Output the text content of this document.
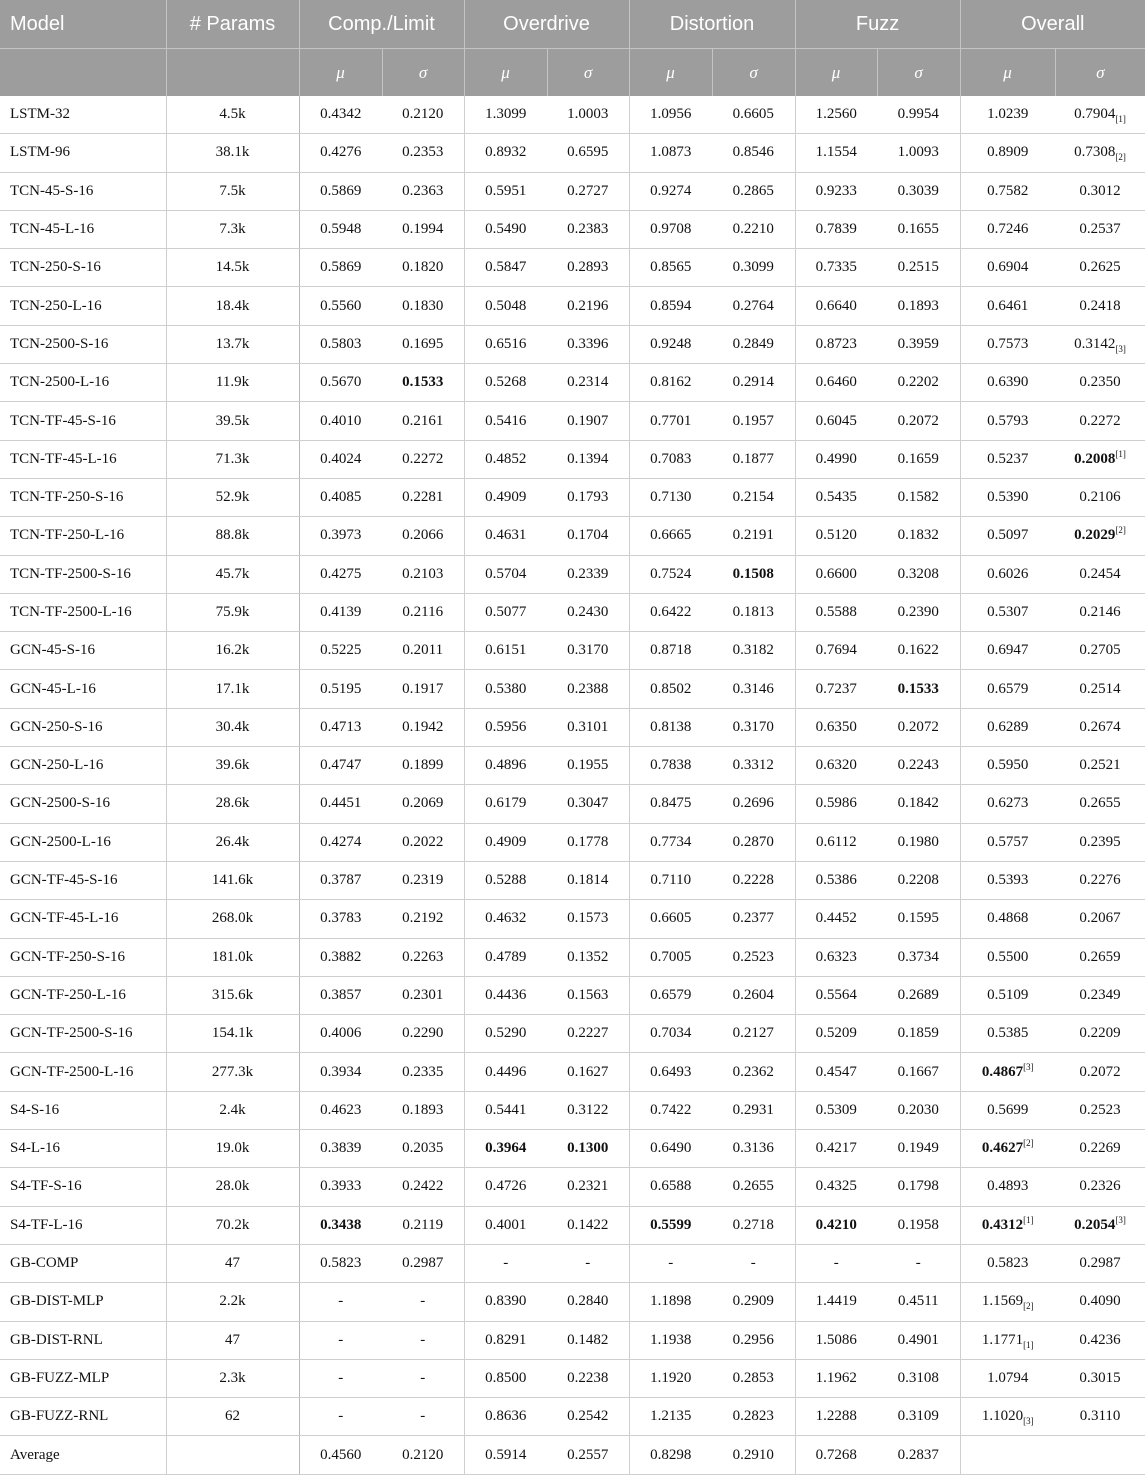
Model	# Params	Comp./Limit		Overdrive		Distortion		Fuzz		Overall	
		μ	σ	μ	σ	μ	σ	μ	σ	μ	σ
LSTM-32	4.5k	0.4342	0.2120	1.3099	1.0003	1.0956	0.6605	1.2560	0.9954	1.0239	$0.7904_{[1]}$
LSTM-96	38.1k	0.4276	0.2353	0.8932	0.6595	1.0873	0.8546	1.1554	1.0093	0.8909	$0.7308_{[2]}$
TCN-45-S-16	7.5k	0.5869	0.2363	0.5951	0.2727	0.9274	0.2865	0.9233	0.3039	0.7582	0.3012
TCN-45-L-16	7.3k	0.5948	0.1994	0.5490	0.2383	0.9708	0.2210	0.7839	0.1655	0.7246	0.2537
TCN-250-S-16	14.5k	0.5869	0.1820	0.5847	0.2893	0.8565	0.3099	0.7335	0.2515	0.6904	0.2625
TCN-250-L-16	18.4k	0.5560	0.1830	0.5048	0.2196	0.8594	0.2764	0.6640	0.1893	0.6461	0.2418
TCN-2500-S-16	13.7k	0.5803	0.1695	0.6516	0.3396	0.9248	0.2849	0.8723	0.3959	0.7573	$0.3142_{[3]}$
TCN-2500-L-16	11.9k	0.5670	0.1533	0.5268	0.2314	0.8162	0.2914	0.6460	0.2202	0.6390	0.2350
TCN-TF-45-S-16	39.5k	0.4010	0.2161	0.5416	0.1907	0.7701	0.1957	0.6045	0.2072	0.5793	0.2272
TCN-TF-45-L-16	71.3k	0.4024	0.2272	0.4852	0.1394	0.7083	0.1877	0.4990	0.1659	0.5237	0.2008[1]
TCN-TF-250-S-16	52.9k	0.4085	0.2281	0.4909	0.1793	0.7130	0.2154	0.5435	0.1582	0.5390	0.2106
TCN-TF-250-L-16	88.8k	0.3973	0.2066	0.4631	0.1704	0.6665	0.2191	0.5120	0.1832	0.5097	0.2029[2]
TCN-TF-2500-S-16	45.7k	0.4275	0.2103	0.5704	0.2339	0.7524	0.1508	0.6600	0.3208	0.6026	0.2454
TCN-TF-2500-L-16	75.9k	0.4139	0.2116	0.5077	0.2430	0.6422	0.1813	0.5588	0.2390	0.5307	0.2146
GCN-45-S-16	16.2k	0.5225	0.2011	0.6151	0.3170	0.8718	0.3182	0.7694	0.1622	0.6947	0.2705
GCN-45-L-16	17.1k	0.5195	0.1917	0.5380	0.2388	0.8502	0.3146	0.7237	0.1533	0.6579	0.2514
GCN-250-S-16	30.4k	0.4713	0.1942	0.5956	0.3101	0.8138	0.3170	0.6350	0.2072	0.6289	0.2674
GCN-250-L-16	39.6k	0.4747	0.1899	0.4896	0.1955	0.7838	0.3312	0.6320	0.2243	0.5950	0.2521
GCN-2500-S-16	28.6k	0.4451	0.2069	0.6179	0.3047	0.8475	0.2696	0.5986	0.1842	0.6273	0.2655
GCN-2500-L-16	26.4k	0.4274	0.2022	0.4909	0.1778	0.7734	0.2870	0.6112	0.1980	0.5757	0.2395
GCN-TF-45-S-16	141.6k	0.3787	0.2319	0.5288	0.1814	0.7110	0.2228	0.5386	0.2208	0.5393	0.2276
GCN-TF-45-L-16	268.0k	0.3783	0.2192	0.4632	0.1573	0.6605	0.2377	0.4452	0.1595	0.4868	0.2067
GCN-TF-250-S-16	181.0k	0.3882	0.2263	0.4789	0.1352	0.7005	0.2523	0.6323	0.3734	0.5500	0.2659
GCN-TF-250-L-16	315.6k	0.3857	0.2301	0.4436	0.1563	0.6579	0.2604	0.5564	0.2689	0.5109	0.2349
GCN-TF-2500-S-16	154.1k	0.4006	0.2290	0.5290	0.2227	0.7034	0.2127	0.5209	0.1859	0.5385	0.2209
GCN-TF-2500-L-16	277.3k	0.3934	0.2335	0.4496	0.1627	0.6493	0.2362	0.4547	0.1667	0.4867[3]	0.2072
S4-S-16	2.4k	0.4623	0.1893	0.5441	0.3122	0.7422	0.2931	0.5309	0.2030	0.5699	0.2523
S4-L-16	19.0k	0.3839	0.2035	0.3964	0.1300	0.6490	0.3136	0.4217	0.1949	0.4627[2]	0.2269
S4-TF-S-16	28.0k	0.3933	0.2422	0.4726	0.2321	0.6588	0.2655	0.4325	0.1798	0.4893	0.2326
S4-TF-L-16	70.2k	0.3438	0.2119	0.4001	0.1422	0.5599	0.2718	0.4210	0.1958	0.4312[1]	0.2054[3]
GB-COMP	47	0.5823	0.2987	-	-	-	-	-	-	0.5823	0.2987
GB-DIST-MLP	2.2k	-	-	0.8390	0.2840	1.1898	0.2909	1.4419	0.4511	$1.1569_{[2]}$	0.4090
GB-DIST-RNL	47	-	-	0.8291	0.1482	1.1938	0.2956	1.5086	0.4901	$1.1771_{[1]}$	0.4236
GB-FUZZ-MLP	2.3k	-	-	0.8500	0.2238	1.1920	0.2853	1.1962	0.3108	1.0794	0.3015
GB-FUZZ-RNL	62	-	-	0.8636	0.2542	1.2135	0.2823	1.2288	0.3109	$1.1020_{[3]}$	0.3110
Average		0.4560	0.2120	0.5914	0.2557	0.8298	0.2910	0.7268	0.2837		
